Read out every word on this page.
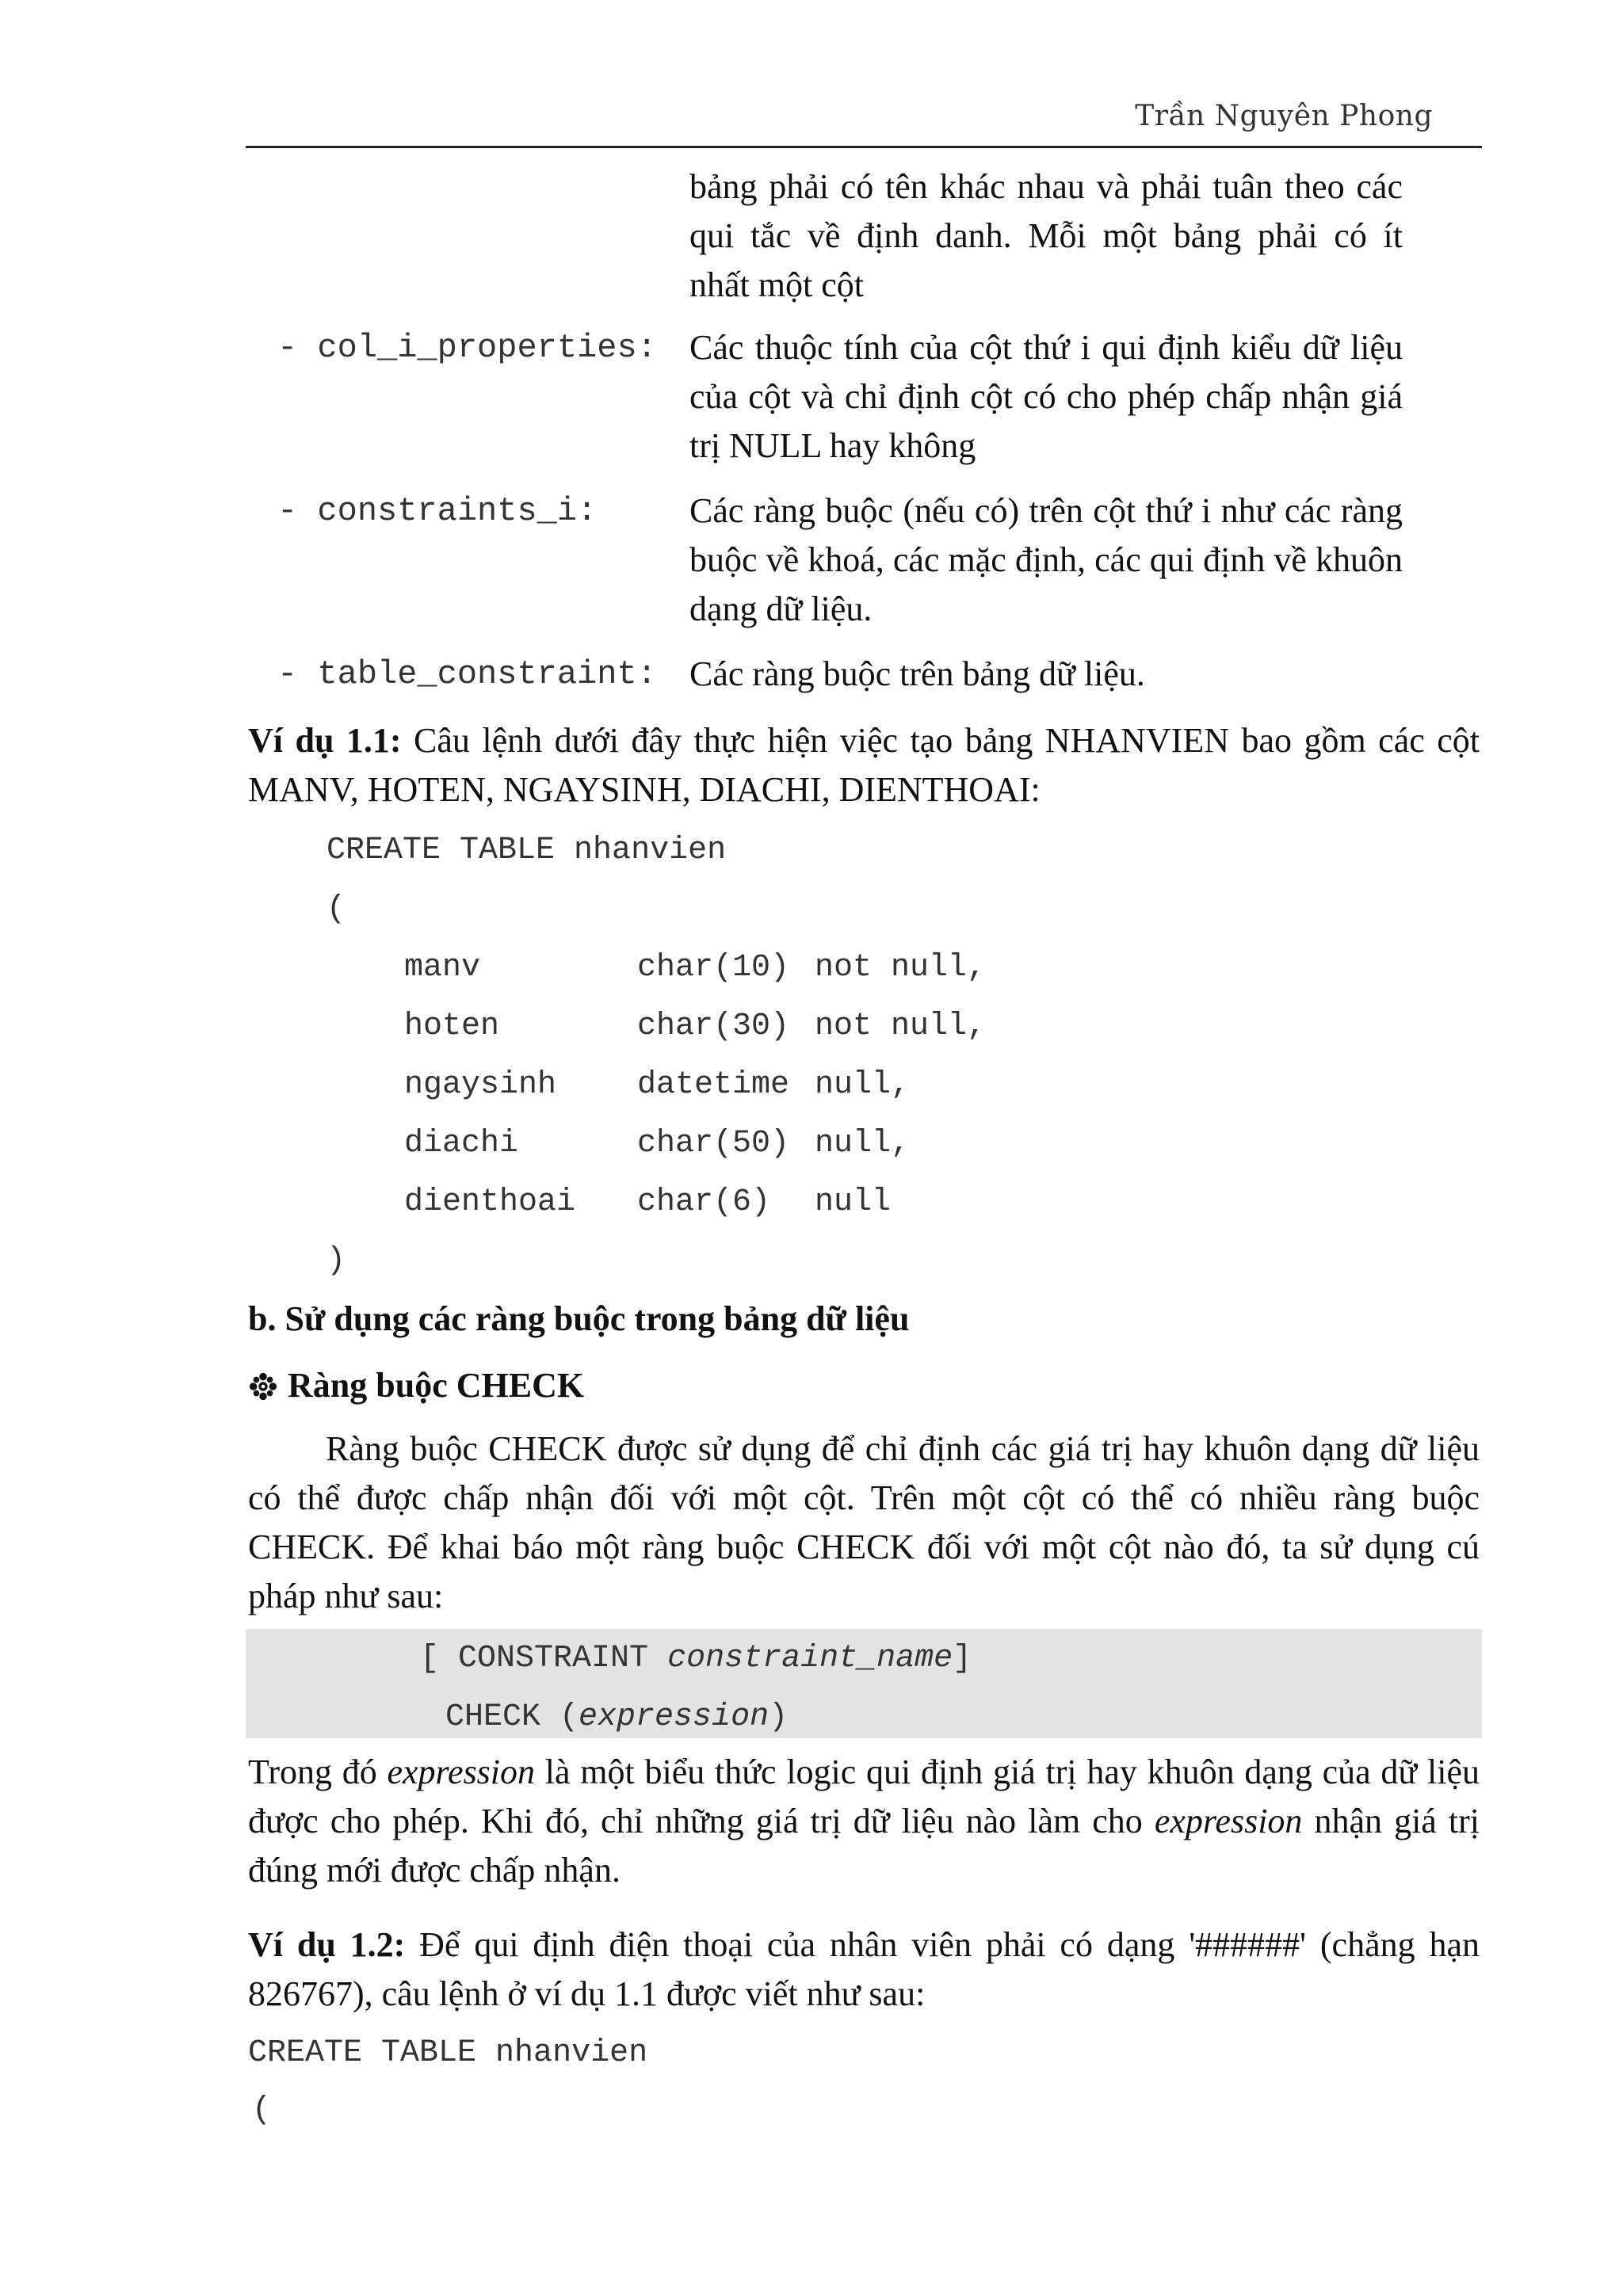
Trần Nguyên Phong
bảng phải có tên khác nhau và phải tuân theo các
qui tắc về định danh. Mỗi một bảng phải có ít
nhất một cột
- col_i_properties: Các thuộc tính của cột thứ i qui định kiểu dữ liệu của cột và chỉ định cột có cho phép chấp nhận giá trị NULL hay không
- constraints_i:	Các ràng buộc (nếu có) trên cột thứ i như các ràng buộc về khoá, các mặc định, các qui định về khuôn dạng dữ liệu.
- table_constraint: Các ràng buộc trên bảng dữ liệu.
Ví dụ 1.1: Câu lệnh dưới đây thực hiện việc tạo bảng NHANVIEN bao gồm các cột MANV, HOTEN, NGAYSINH, DIACHI, DIENTHOAI:
CREATE TABLE nhanvien
(
manv	char(10) not null,
hoten	char(30) not null,
ngaysinh	datetime null,
diachi	char(50) null,
dienthoai char(6) null
)
b. Sử dụng các ràng buộc trong bảng dữ liệu
Ràng buộc CHECK
Ràng buộc CHECK được sử dụng để chỉ định các giá trị hay khuôn dạng dữ liệu có thể được chấp nhận đối với một cột. Trên một cột có thể có nhiều ràng buộc CHECK. Để khai báo một ràng buộc CHECK đối với một cột nào đó, ta sử dụng cú pháp như sau:
[ CONSTRAINT constraint_name]
CHECK (expression)
Trong đó expression là một biểu thức logic qui định giá trị hay khuôn dạng của dữ liệu được cho phép. Khi đó, chỉ những giá trị dữ liệu nào làm cho expression nhận giá trị đúng mới được chấp nhận.
Ví dụ 1.2: Để qui định điện thoại của nhân viên phải có dạng '######' (chẳng hạn 826767), câu lệnh ở ví dụ 1.1 được viết như sau:
CREATE TABLE nhanvien
(
